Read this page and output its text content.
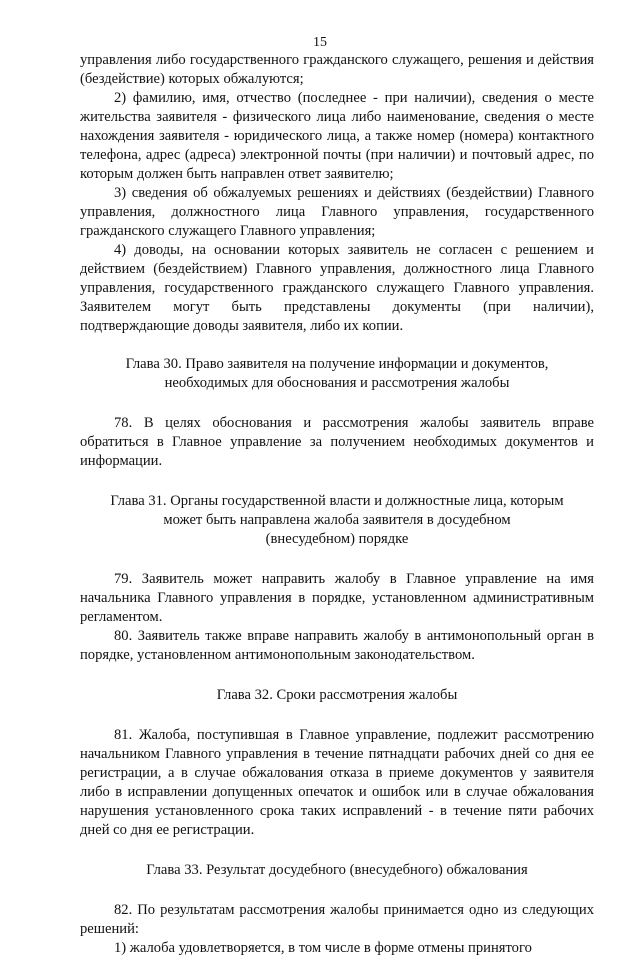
15

управления либо государственного гражданского служащего, решения и действия (бездействие) которых обжалуются;

2) фамилию, имя, отчество (последнее - при наличии), сведения о месте жительства заявителя - физического лица либо наименование, сведения о месте нахождения заявителя - юридического лица, а также номер (номера) контактного телефона, адрес (адреса) электронной почты (при наличии) и почтовый адрес, по которым должен быть направлен ответ заявителю;

3) сведения об обжалуемых решениях и действиях (бездействии) Главного управления, должностного лица Главного управления, государственного гражданского служащего Главного управления;

4) доводы, на основании которых заявитель не согласен с решением и действием (бездействием) Главного управления, должностного лица Главного управления, государственного гражданского служащего Главного управления. Заявителем могут быть представлены документы (при наличии), подтверждающие доводы заявителя, либо их копии.

Глава 30. Право заявителя на получение информации и документов,

необходимых для обоснования и рассмотрения жалобы

78. В целях обоснования и рассмотрения жалобы заявитель вправе обратиться в Главное управление за получением необходимых документов и информации.

Глава 31. Органы государственной власти и должностные лица, которым

может быть направлена жалоба заявителя в досудебном

(внесудебном) порядке

79. Заявитель может направить жалобу в Главное управление на имя начальника Главного управления в порядке, установленном административным регламентом.

80. Заявитель также вправе направить жалобу в антимонопольный орган в порядке, установленном антимонопольным законодательством.

Глава 32. Сроки рассмотрения жалобы

81. Жалоба, поступившая в Главное управление, подлежит рассмотрению начальником Главного управления в течение пятнадцати рабочих дней со дня ее регистрации, а в случае обжалования отказа в приеме документов у заявителя либо в исправлении допущенных опечаток и ошибок или в случае обжалования нарушения установленного срока таких исправлений - в течение пяти рабочих дней со дня ее регистрации.

Глава 33. Результат досудебного (внесудебного) обжалования

82. По результатам рассмотрения жалобы принимается одно из следующих решений:

1) жалоба удовлетворяется, в том числе в форме отмены принятого
